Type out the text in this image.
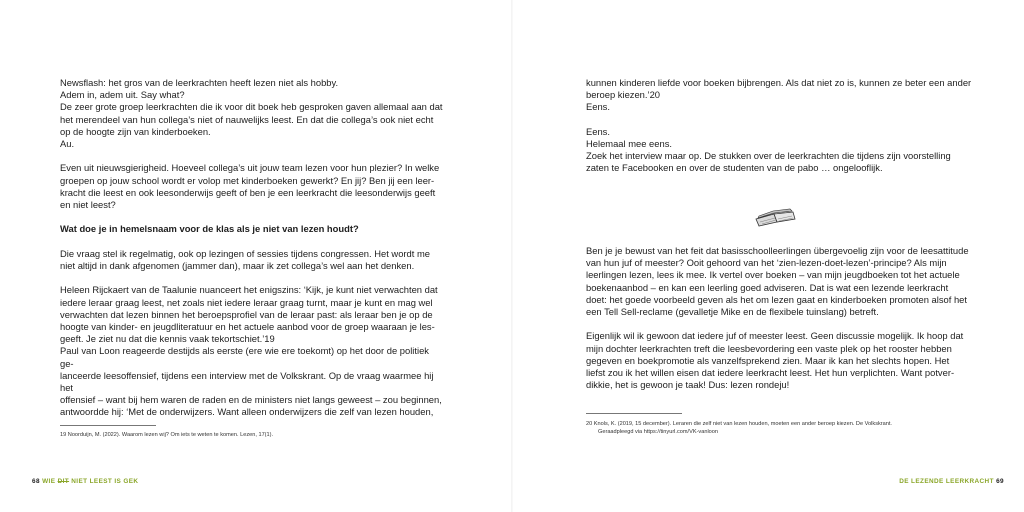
Newsflash: het gros van de leerkrachten heeft lezen niet als hobby.
Adem in, adem uit. Say what?
De zeer grote groep leerkrachten die ik voor dit boek heb gesproken gaven allemaal aan dat
het merendeel van hun collega’s niet of nauwelijks leest. En dat die collega’s ook niet echt
op de hoogte zijn van kinderboeken.
Au.
Even uit nieuwsgierigheid. Hoeveel collega’s uit jouw team lezen voor hun plezier? In welke
groepen op jouw school wordt er volop met kinderboeken gewerkt? En jij? Ben jij een leer-
kracht die leest en ook leesonderwijs geeft of ben je een leerkracht die leesonderwijs geeft
en niet leest?
Wat doe je in hemelsnaam voor de klas als je niet van lezen houdt?
Die vraag stel ik regelmatig, ook op lezingen of sessies tijdens congressen. Het wordt me
niet altijd in dank afgenomen (jammer dan), maar ik zet collega’s wel aan het denken.
Heleen Rijckaert van de Taalunie nuanceert het enigszins: ‘Kijk, je kunt niet verwachten dat
iedere leraar graag leest, net zoals niet iedere leraar graag turnt, maar je kunt en mag wel
verwachten dat lezen binnen het beroepsprofiel van de leraar past: als leraar ben je op de
hoogte van kinder- en jeugdliteratuur en het actuele aanbod voor de groep waaraan je les-
geeft. Je ziet nu dat die kennis vaak tekortschiet.’19
Paul van Loon reageerde destijds als eerste (ere wie ere toekomt) op het door de politiek ge-
lanceerde leesoffensief, tijdens een interview met de Volkskrant. Op de vraag waarmee hij het
offensief – want bij hem waren de raden en de ministers niet langs geweest – zou beginnen,
antwoordde hij: ‘Met de onderwijzers. Want alleen onderwijzers die zelf van lezen houden,
19 Noorduijn, M. (2022). Waarom lezen wij? Om iets te weten te komen. Lezen, 17(1).
68 WIE DIT NIET LEEST IS GEK
20 Knols, K. (2019, 15 december). Leraren die zelf niet van lezen houden, moeten een ander beroep kiezen. De Volkskrant.
Geraadpleegd via https://tinyurl.com/VK-vanloon
DE LEZENDE LEERKRACHT 69
kunnen kinderen liefde voor boeken bijbrengen. Als dat niet zo is, kunnen ze beter een ander
beroep kiezen.’20
Eens.
Eens.
Helemaal mee eens.
Zoek het interview maar op. De stukken over de leerkrachten die tijdens zijn voorstelling
zaten te Facebooken en over de studenten van de pabo … ongelooflijk.
Ben je je bewust van het feit dat basisschoolleerlingen übergevoelig zijn voor de leesattitude
van hun juf of meester? Ooit gehoord van het ‘zien-lezen-doet-lezen’-principe? Als mijn
leerlingen lezen, lees ik mee. Ik vertel over boeken – van mijn jeugdboeken tot het actuele
boekenaanbod – en kan een leerling goed adviseren. Dat is wat een lezende leerkracht
doet: het goede voorbeeld geven als het om lezen gaat en kinderboeken promoten alsof het
een Tell Sell-reclame (gevalletje Mike en de flexibele tuinslang) betreft.
Eigenlijk wil ik gewoon dat iedere juf of meester leest. Geen discussie mogelijk. Ik hoop dat
mijn dochter leerkrachten treft die leesbevordering een vaste plek op het rooster hebben
gegeven en boekpromotie als vanzelfsprekend zien. Maar ik kan het slechts hopen. Het
liefst zou ik het willen eisen dat iedere leerkracht leest. Het hun verplichten. Want potver-
dikkie, het is gewoon je taak! Dus: lezen rondeju!
